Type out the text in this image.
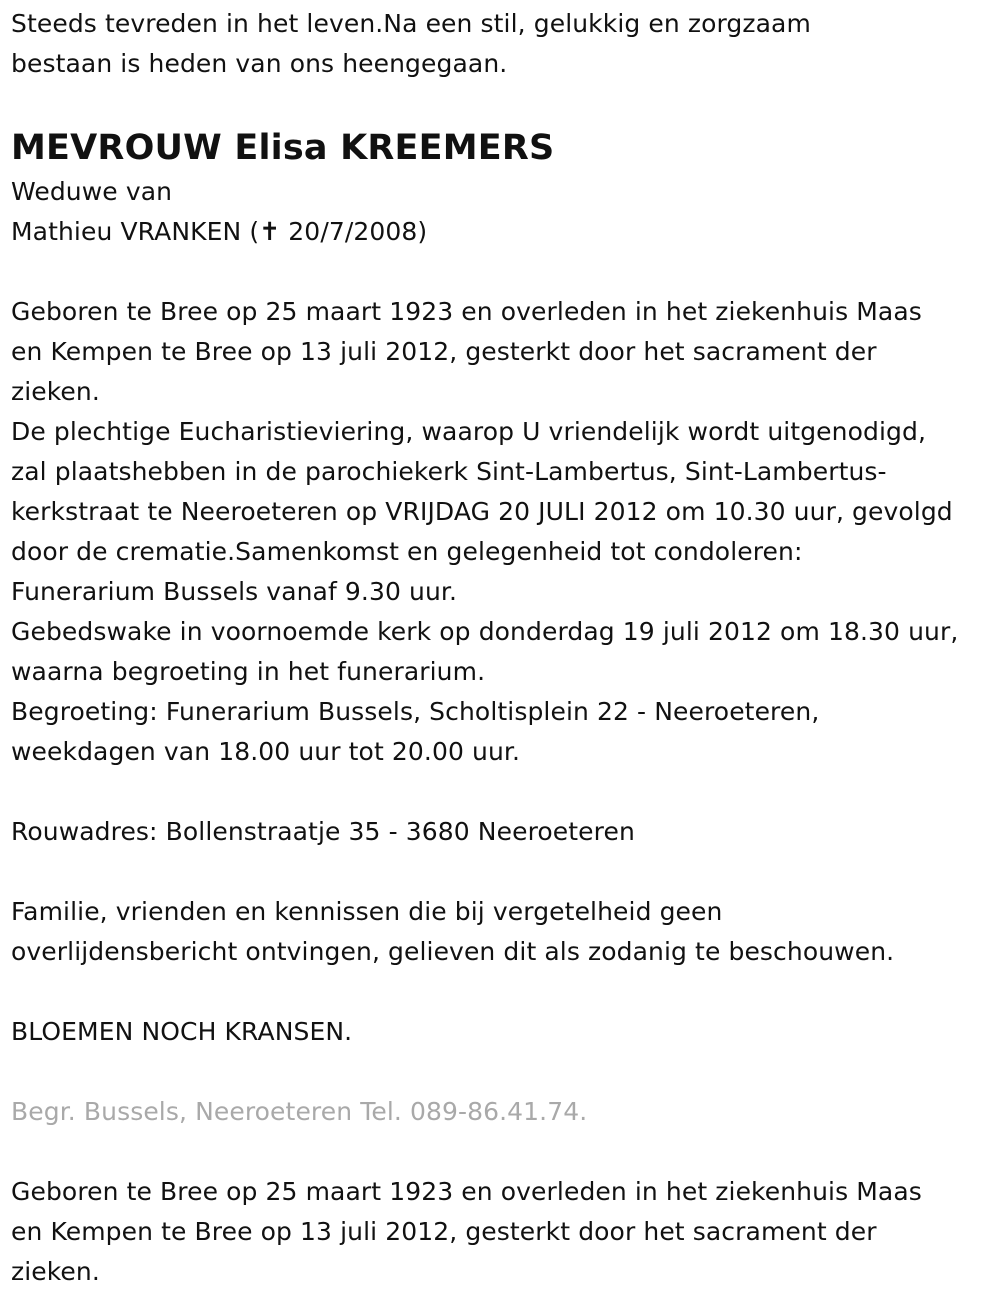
Steeds tevreden in het leven.Na een stil, gelukkig en zorgzaam
bestaan is heden van ons heengegaan.
MEVROUW Elisa KREEMERS
Weduwe van
Mathieu VRANKEN (✝ 20/7/2008)
Geboren te Bree op 25 maart 1923 en overleden in het ziekenhuis Maas
en Kempen te Bree op 13 juli 2012, gesterkt door het sacrament der
zieken.
De plechtige Eucharistieviering, waarop U vriendelijk wordt uitgenodigd,
zal plaatshebben in de parochiekerk Sint-Lambertus, Sint-Lambertus-
kerkstraat te Neeroeteren op VRIJDAG 20 JULI 2012 om 10.30 uur, gevolgd
door de crematie.Samenkomst en gelegenheid tot condoleren:
Funerarium Bussels vanaf 9.30 uur.
Gebedswake in voornoemde kerk op donderdag 19 juli 2012 om 18.30 uur,
waarna begroeting in het funerarium.
Begroeting: Funerarium Bussels, Scholtisplein 22 - Neeroeteren,
weekdagen van 18.00 uur tot 20.00 uur.
Rouwadres: Bollenstraatje 35 - 3680 Neeroeteren
Familie, vrienden en kennissen die bij vergetelheid geen
overlijdensbericht ontvingen, gelieven dit als zodanig te beschouwen.
BLOEMEN NOCH KRANSEN.
Begr. Bussels, Neeroeteren Tel. 089-86.41.74.
Geboren te Bree op 25 maart 1923 en overleden in het ziekenhuis Maas
en Kempen te Bree op 13 juli 2012, gesterkt door het sacrament der
zieken.
